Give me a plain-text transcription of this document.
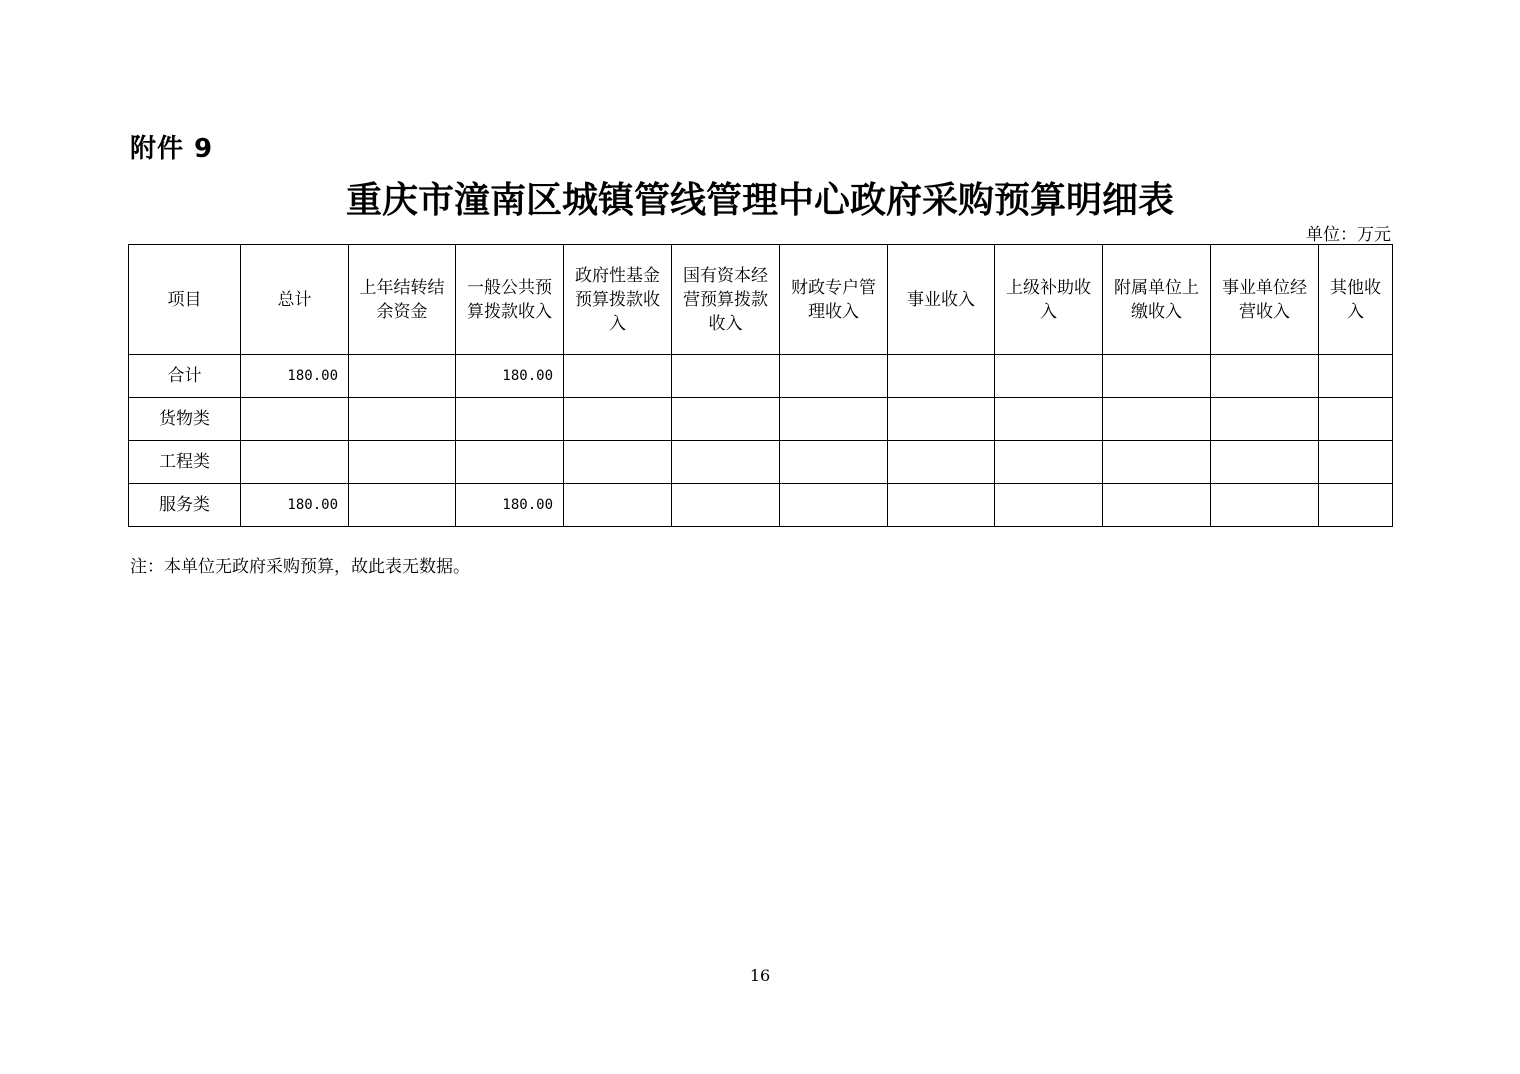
附件 9
重庆市潼南区城镇管线管理中心政府采购预算明细表
单位：万元
项目	总计	上年结转结余资金	一般公共预算拨款收入	政府性基金预算拨款收入	国有资本经营预算拨款收入	财政专户管理收入	事业收入	上级补助收入	附属单位上缴收入	事业单位经营收入	其他收入
合计	180.00		180.00								
货物类											
工程类											
服务类	180.00		180.00								
注：本单位无政府采购预算，故此表无数据。
16
